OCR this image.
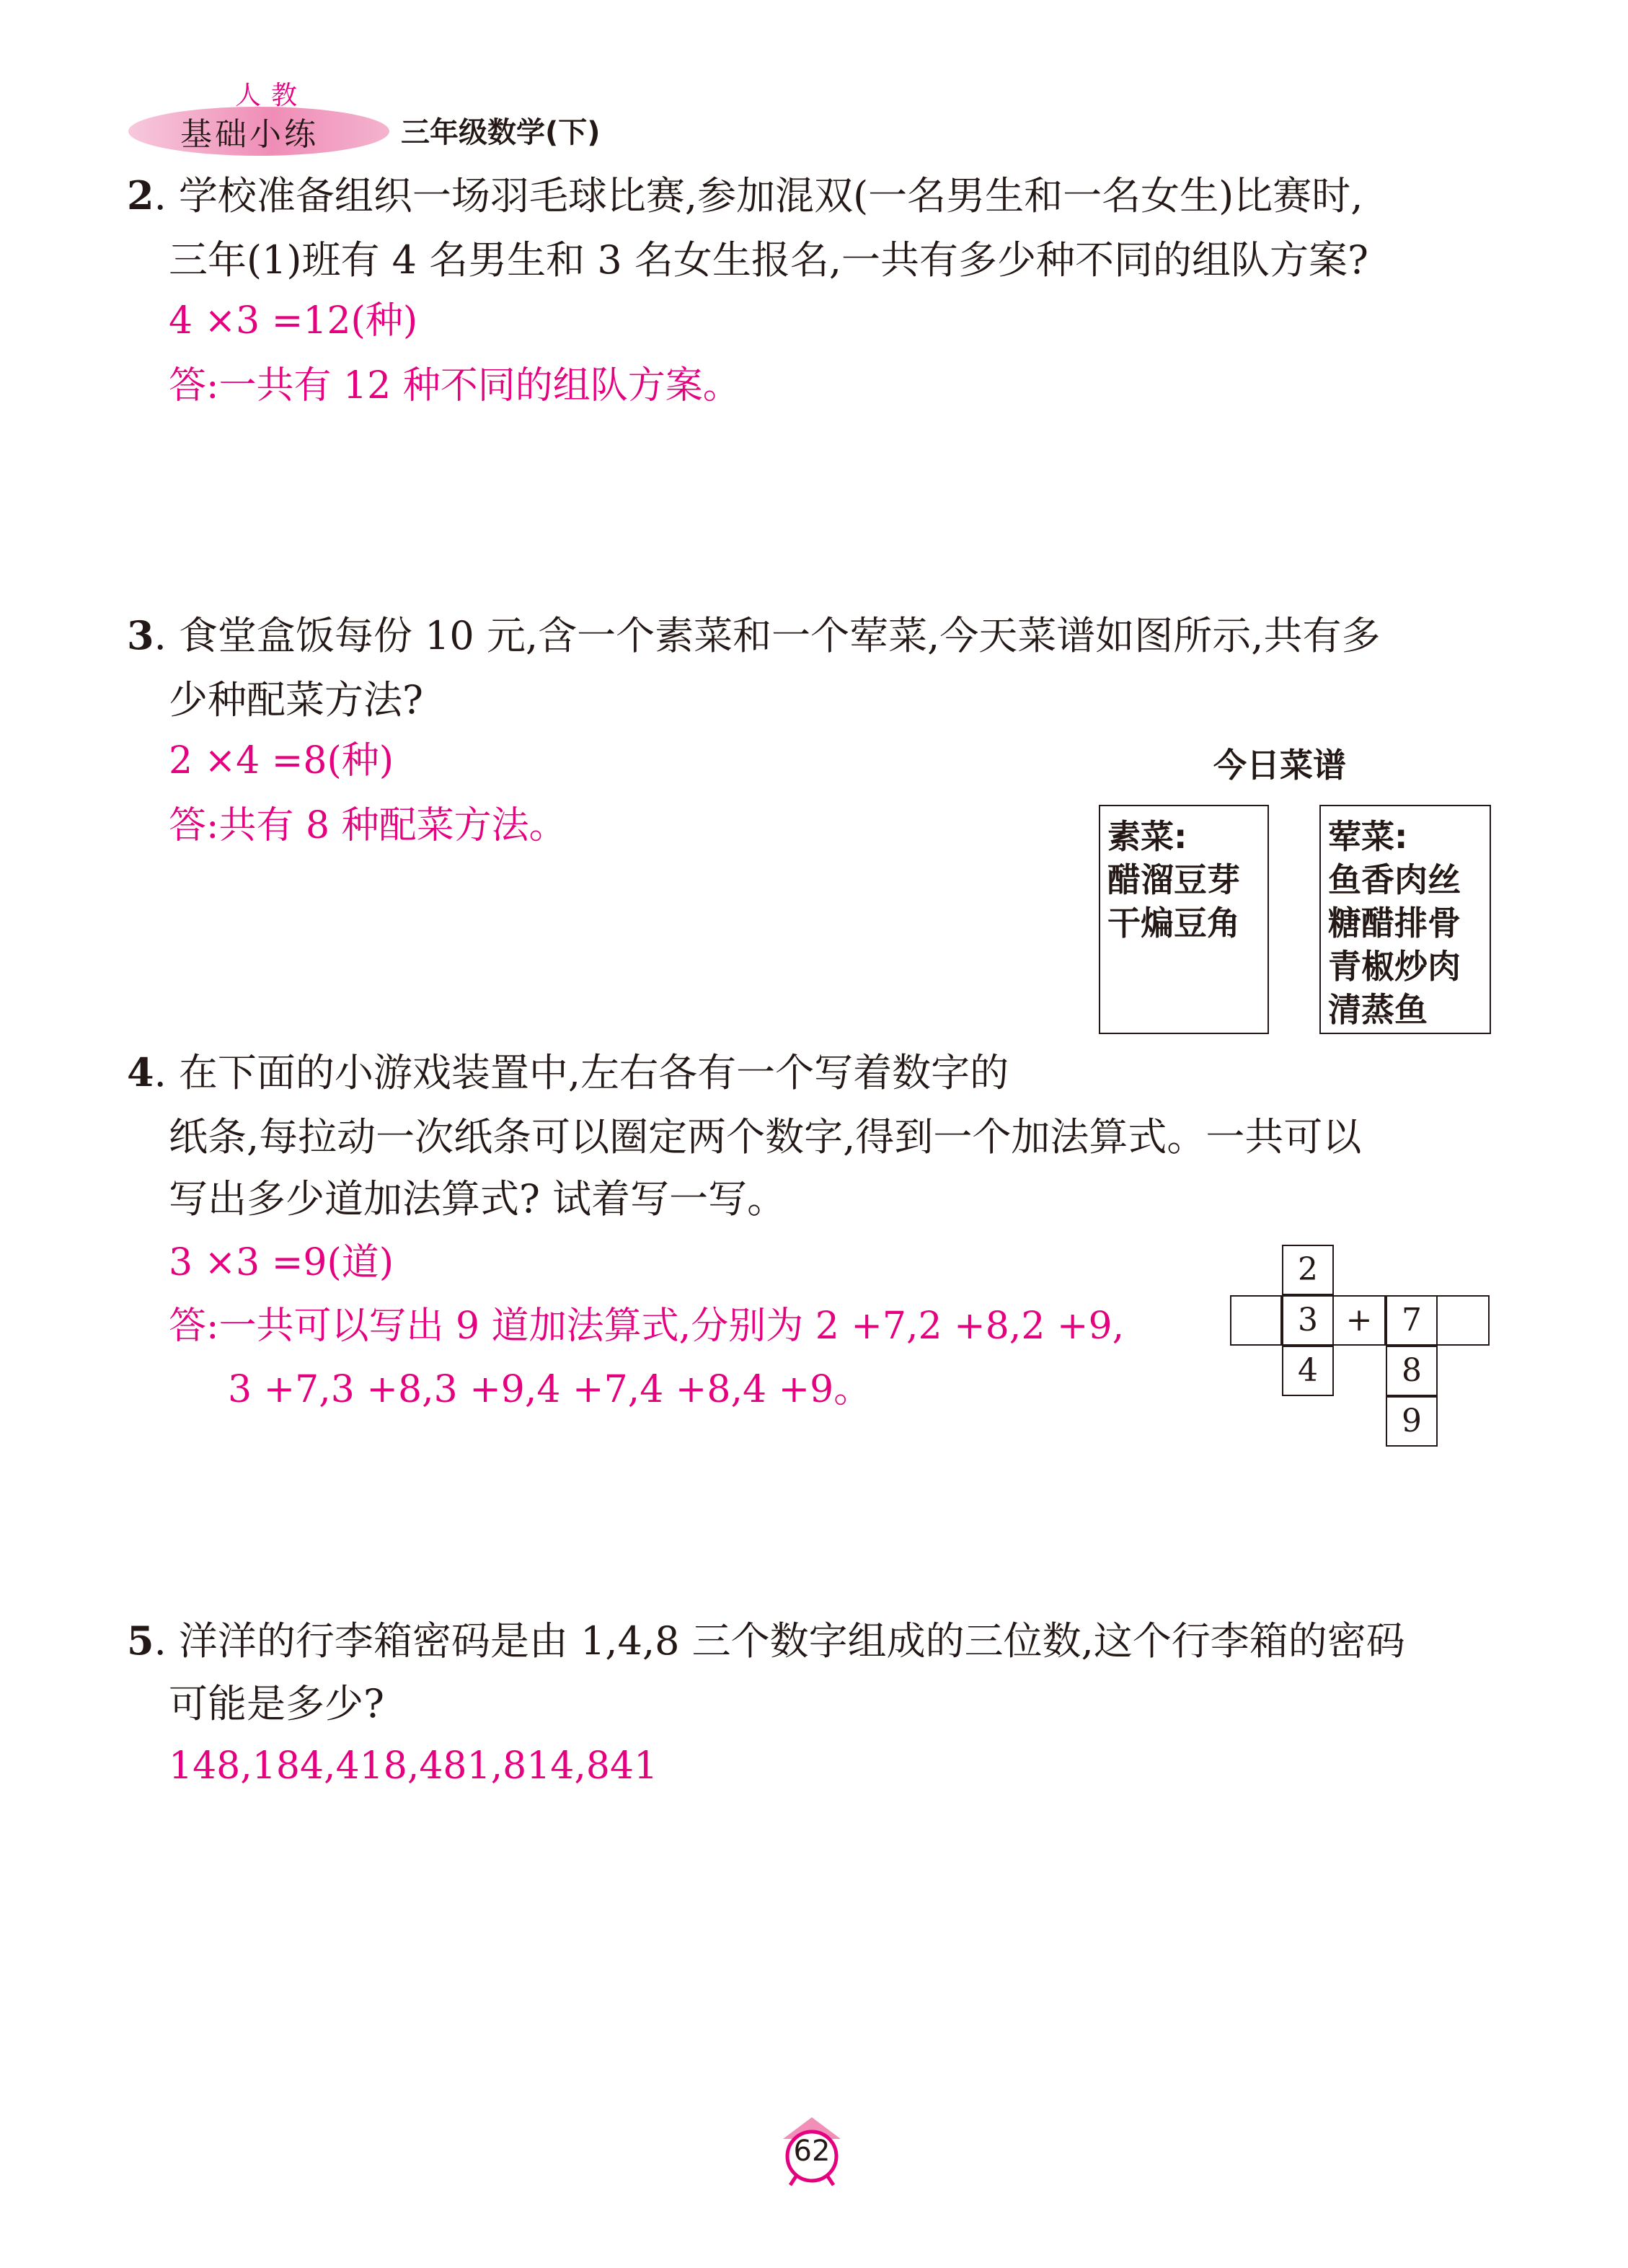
人教
基础小练	三年级数学(下)
2. 学校准备组织一场羽毛球比赛,参加混双(一名男生和一名女生)比赛时,
三年(1)班有 4 名男生和 3 名女生报名,一共有多少种不同的组队方案?
4 ×3 =12(种)
答:一共有 12 种不同的组队方案。
3. 食堂盒饭每份 10 元,含一个素菜和一个荤菜,今天菜谱如图所示,共有多
少种配菜方法?
2 ×4 =8(种)
答:共有 8 种配菜方法。
今日菜谱
素菜:
醋溜豆芽
干煸豆角
荤菜:
鱼香肉丝
糖醋排骨
青椒炒肉
清蒸鱼
4. 在下面的小游戏装置中,左右各有一个写着数字的
纸条,每拉动一次纸条可以圈定两个数字,得到一个加法算式。一共可以
写出多少道加法算式? 试着写一写。
3 ×3 =9(道)
答:一共可以写出 9 道加法算式,分别为 2 +7,2 +8,2 +9,
3 +7,3 +8,3 +9,4 +7,4 +8,4 +9。
2
3 + 7
4	8
9
5. 洋洋的行李箱密码是由 1,4,8 三个数字组成的三位数,这个行李箱的密码
可能是多少?
148,184,418,481,814,841
62
